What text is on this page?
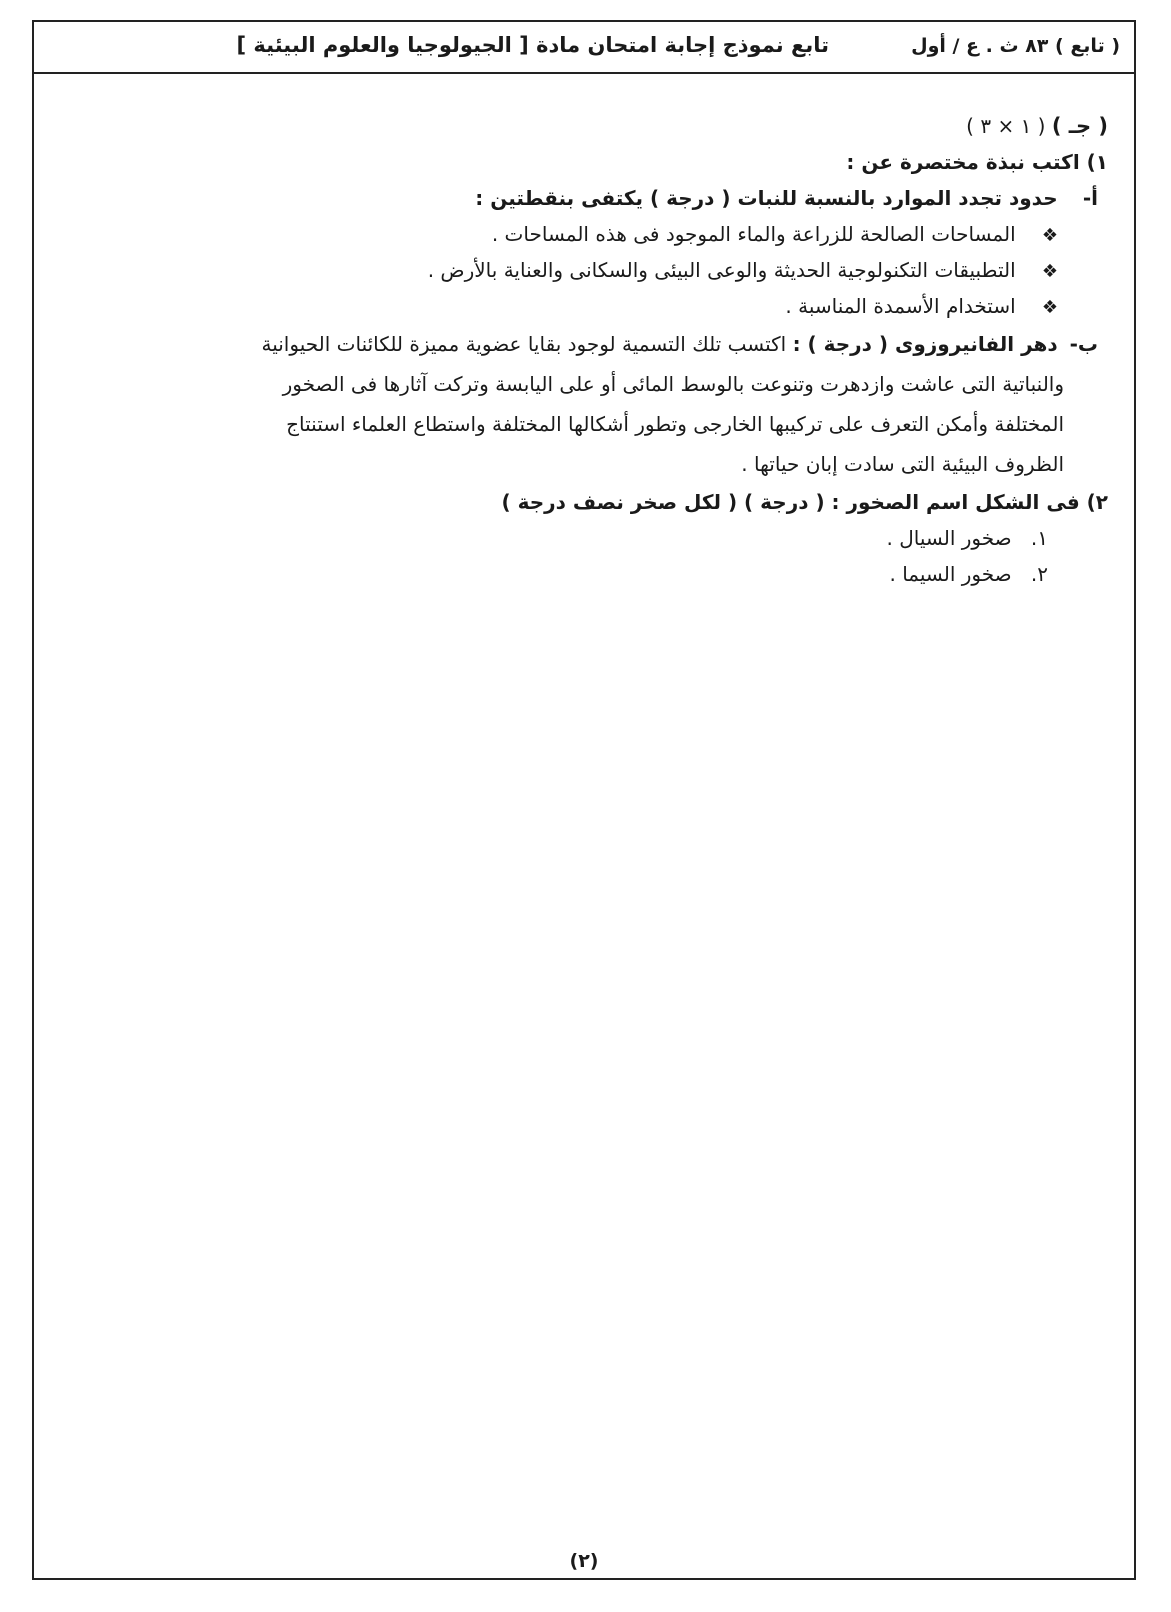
( تابع ) ٨٣ ث . ع / أول
تابع نموذج إجابة امتحان مادة [ الجيولوجيا والعلوم البيئية ]
( جـ ) ( ١ × ٣ )
١) اكتب نبذة مختصرة عن :
أ- حدود تجدد الموارد بالنسبة للنبات ( درجة ) يكتفى بنقطتين :
❖ المساحات الصالحة للزراعة والماء الموجود فى هذه المساحات .
❖ التطبيقات التكنولوجية الحديثة والوعى البيئى والسكانى والعناية بالأرض .
❖ استخدام الأسمدة المناسبة .
ب- دهر الفانيروزوى ( درجة ) : اكتسب تلك التسمية لوجود بقايا عضوية مميزة للكائنات الحيوانية
والنباتية التى عاشت وازدهرت وتنوعت بالوسط المائى أو على اليابسة وتركت آثارها فى الصخور
المختلفة وأمكن التعرف على تركيبها الخارجى وتطور أشكالها المختلفة واستطاع العلماء استنتاج
الظروف البيئية التى سادت إبان حياتها .
٢) فى الشكل اسم الصخور : ( درجة ) ( لكل صخر نصف درجة )
١. صخور السيال .
٢. صخور السيما .
(٢)
